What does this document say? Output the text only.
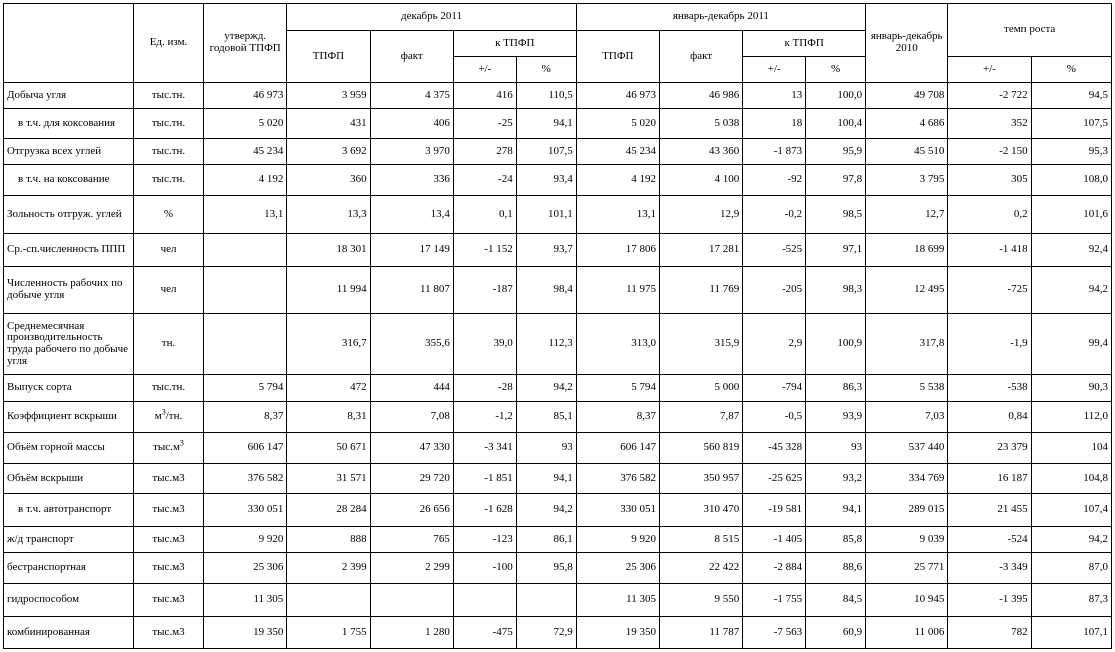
	Ед. изм.	утвержд. годовой ТПФП	декабрь 2011				январь-декабрь 2011				январь-декабрь 2010	темп роста	
			ТПФП	факт	к ТПФП		ТПФП	факт	к ТПФП				
					+/-	%			+/-	%		+/-	%
Добыча угля	тыс.тн.	46 973	3 959	4 375	416	110,5	46 973	46 986	13	100,0	49 708	-2 722	94,5
в т.ч. для коксования	тыс.тн.	5 020	431	406	-25	94,1	5 020	5 038	18	100,4	4 686	352	107,5
Отгрузка всех углей	тыс.тн.	45 234	3 692	3 970	278	107,5	45 234	43 360	-1 873	95,9	45 510	-2 150	95,3
в т.ч. на коксование	тыс.тн.	4 192	360	336	-24	93,4	4 192	4 100	-92	97,8	3 795	305	108,0
Зольность отгруж. углей	%	13,1	13,3	13,4	0,1	101,1	13,1	12,9	-0,2	98,5	12,7	0,2	101,6
Ср.-сп.численность ППП	чел		18 301	17 149	-1 152	93,7	17 806	17 281	-525	97,1	18 699	-1 418	92,4
Численность рабочих по добыче угля	чел		11 994	11 807	-187	98,4	11 975	11 769	-205	98,3	12 495	-725	94,2
Среднемесячная производительность труда рабочего по добыче угля	тн.		316,7	355,6	39,0	112,3	313,0	315,9	2,9	100,9	317,8	-1,9	99,4
Выпуск сорта	тыс.тн.	5 794	472	444	-28	94,2	5 794	5 000	-794	86,3	5 538	-538	90,3
Коэффициент вскрыши	$м^3/тн$.	8,37	8,31	7,08	-1,2	85,1	8,37	7,87	-0,5	93,9	7,03	0,84	112,0
Объём горной массы	$тыс.м^3$	606 147	50 671	47 330	-3 341	93	606 147	560 819	-45 328	93	537 440	23 379	104
Объём вскрыши	тыс.м3	376 582	31 571	29 720	-1 851	94,1	376 582	350 957	-25 625	93,2	334 769	16 187	104,8
в т.ч. автотранспорт	тыс.м3	330 051	28 284	26 656	-1 628	94,2	330 051	310 470	-19 581	94,1	289 015	21 455	107,4
ж/д транспорт	тыс.м3	9 920	888	765	-123	86,1	9 920	8 515	-1 405	85,8	9 039	-524	94,2
бестранспортная	тыс.м3	25 306	2 399	2 299	-100	95,8	25 306	22 422	-2 884	88,6	25 771	-3 349	87,0
гидроспособом	тыс.м3	11 305					11 305	9 550	-1 755	84,5	10 945	-1 395	87,3
комбинированная	тыс.м3	19 350	1 755	1 280	-475	72,9	19 350	11 787	-7 563	60,9	11 006	782	107,1
